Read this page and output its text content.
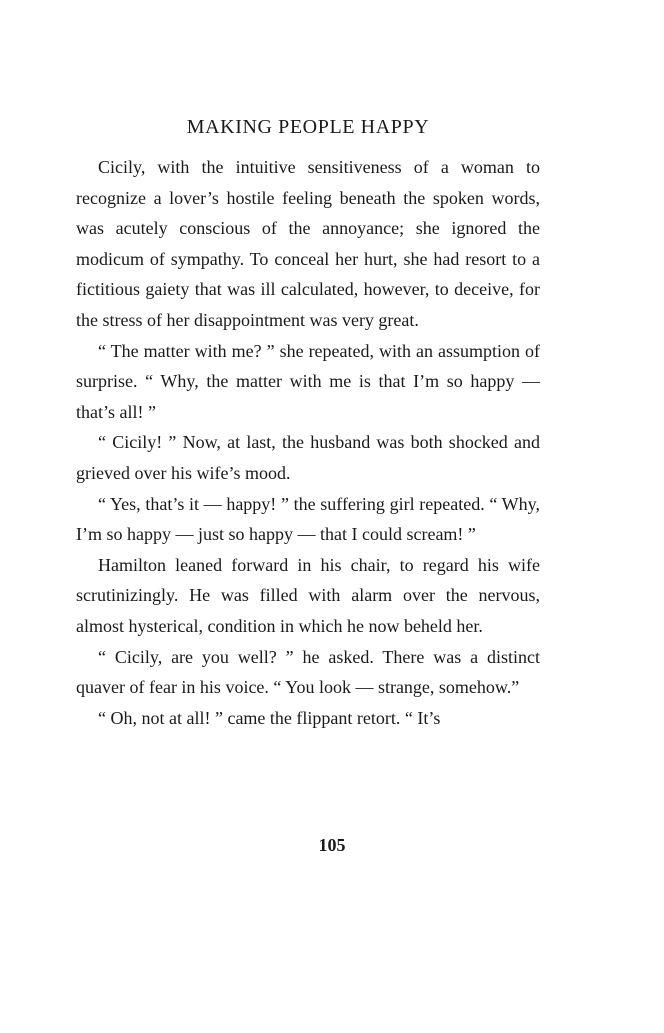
MAKING PEOPLE HAPPY

Cicily, with the intuitive sensitiveness of a woman to recognize a lover’s hostile feeling beneath the spoken words, was acutely conscious of the annoyance; she ignored the modicum of sympathy. To conceal her hurt, she had resort to a fictitious gaiety that was ill calculated, however, to deceive, for the stress of her disappointment was very great.

“ The matter with me? ” she repeated, with an assumption of surprise. “ Why, the matter with me is that I’m so happy — that’s all! ”

“ Cicily! ” Now, at last, the husband was both shocked and grieved over his wife’s mood.

“ Yes, that’s it — happy! ” the suffering girl repeated. “ Why, I’m so happy — just so happy — that I could scream! ”

Hamilton leaned forward in his chair, to regard his wife scrutinizingly. He was filled with alarm over the nervous, almost hysterical, condition in which he now beheld her.

“ Cicily, are you well? ” he asked. There was a distinct quaver of fear in his voice. “ You look — strange, somehow.”

“ Oh, not at all! ” came the flippant retort. “ It’s

105
